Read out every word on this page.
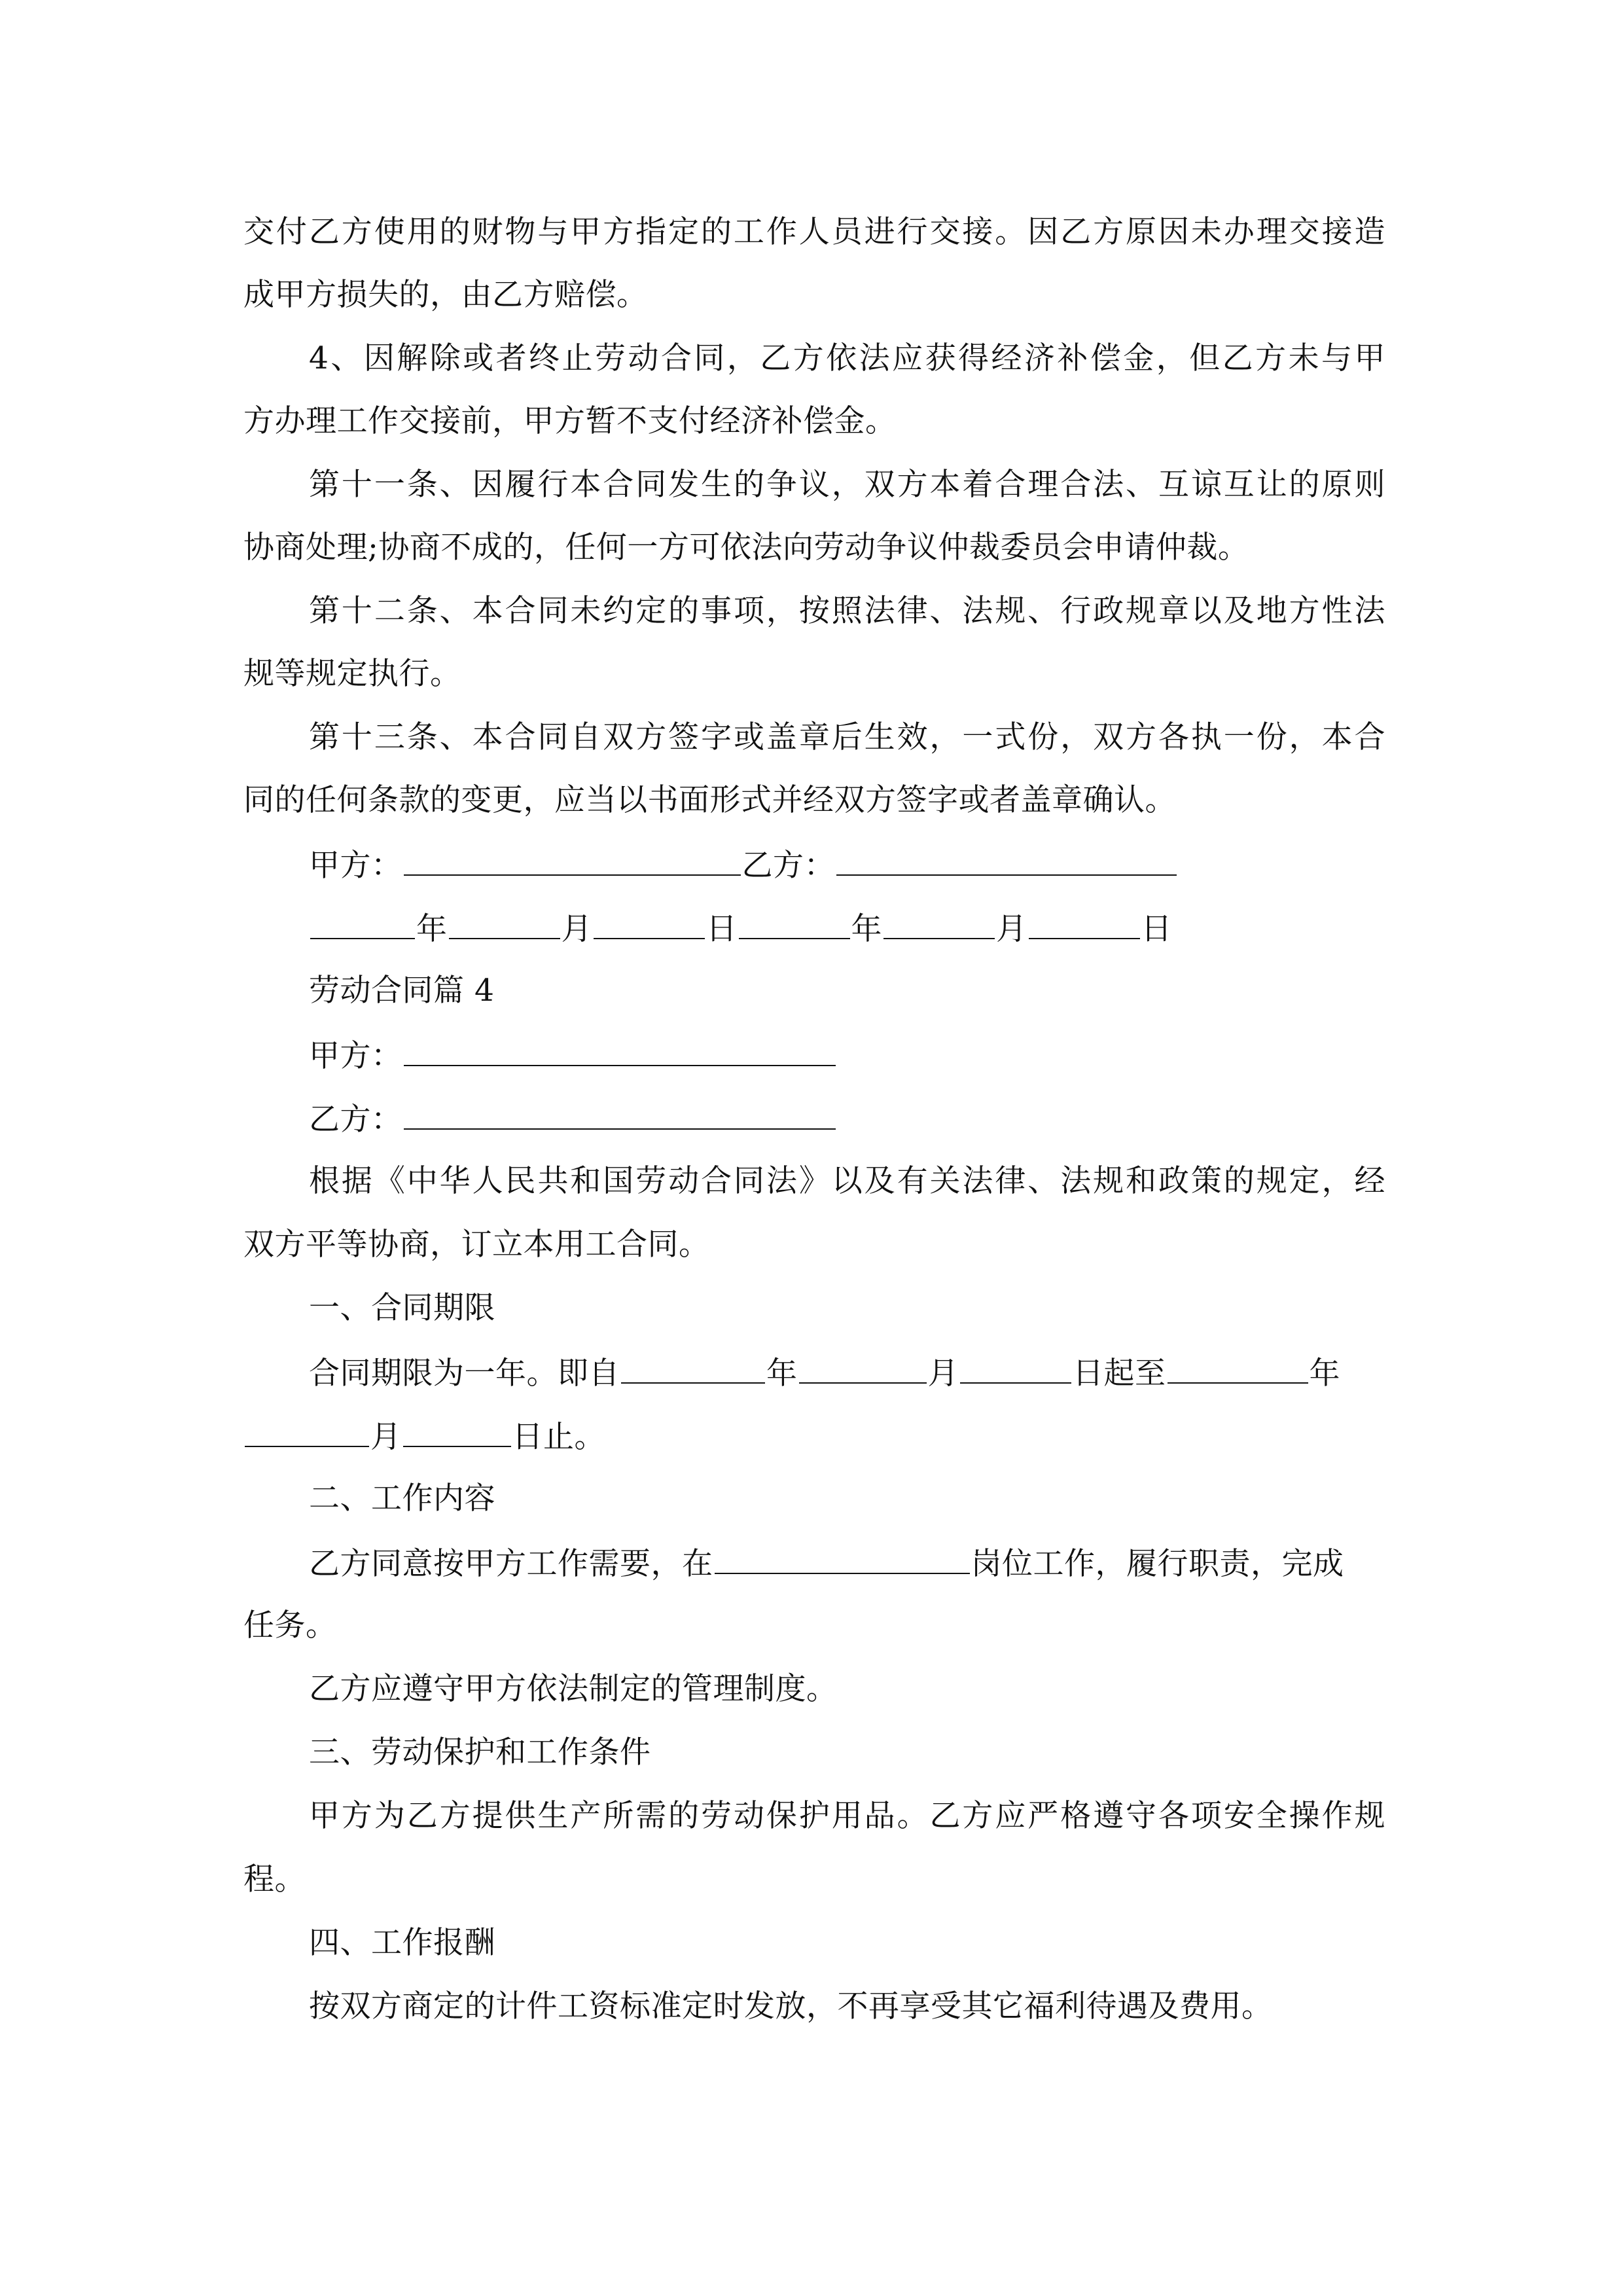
交付乙方使用的财物与甲方指定的工作人员进行交接。因乙方原因未办理交接造
成甲方损失的，由乙方赔偿。
4、因解除或者终止劳动合同，乙方依法应获得经济补偿金，但乙方未与甲
方办理工作交接前，甲方暂不支付经济补偿金。
第十一条、因履行本合同发生的争议，双方本着合理合法、互谅互让的原则
协商处理;协商不成的，任何一方可依法向劳动争议仲裁委员会申请仲裁。
第十二条、本合同未约定的事项，按照法律、法规、行政规章以及地方性法
规等规定执行。
第十三条、本合同自双方签字或盖章后生效，一式份，双方各执一份，本合
同的任何条款的变更，应当以书面形式并经双方签字或者盖章确认。
甲方：	乙方：
年	月	日	年	月	日
劳动合同篇 4
甲方：
乙方：
根据《中华人民共和国劳动合同法》以及有关法律、法规和政策的规定，经
双方平等协商，订立本用工合同。
一、合同期限
合同期限为一年。即自	年	月	日起至	年
月	日止。
二、工作内容
乙方同意按甲方工作需要，在	岗位工作，履行职责，完成
任务。
乙方应遵守甲方依法制定的管理制度。
三、劳动保护和工作条件
甲方为乙方提供生产所需的劳动保护用品。乙方应严格遵守各项安全操作规
程。
四、工作报酬
按双方商定的计件工资标准定时发放，不再享受其它福利待遇及费用。
